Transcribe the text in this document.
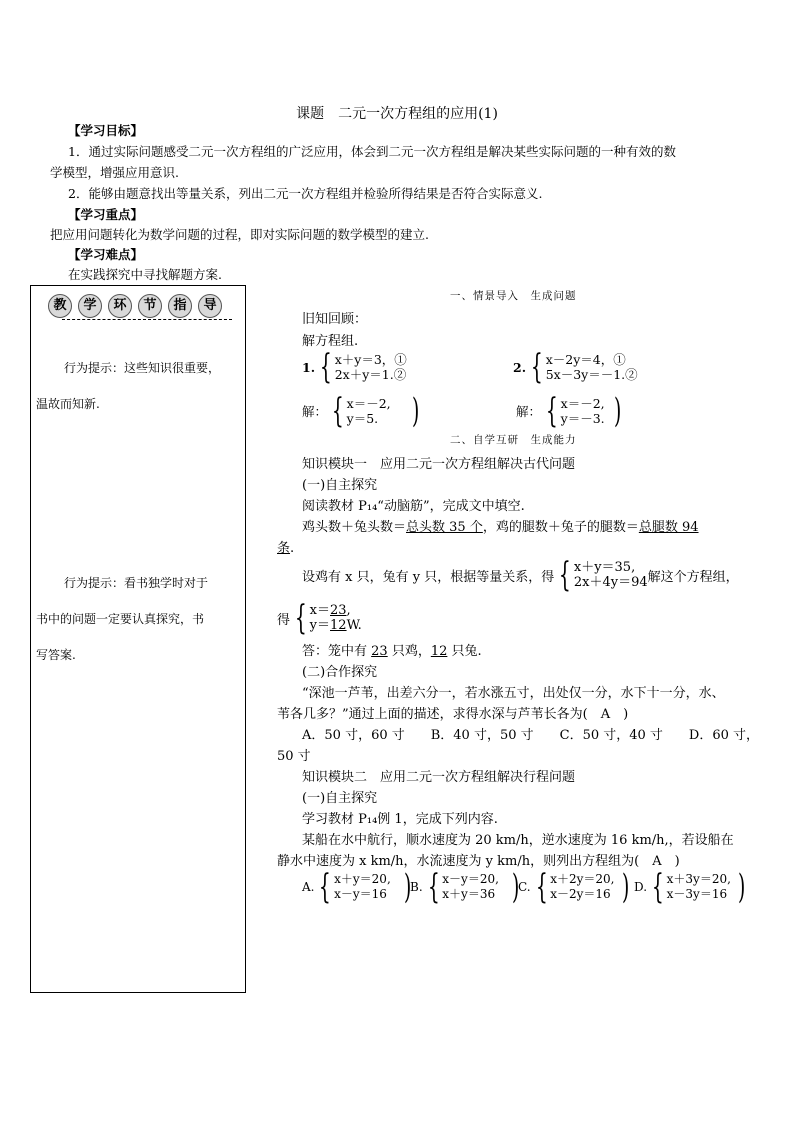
课题　二元一次方程组的应用(1)
【学习目标】
1．通过实际问题感受二元一次方程组的广泛应用，体会到二元一次方程组是解决某些实际问题的一种有效的数
学模型，增强应用意识.
2．能够由题意找出等量关系，列出二元一次方程组并检验所得结果是否符合实际意义.
【学习重点】
把应用问题转化为数学问题的过程，即对实际问题的数学模型的建立.
【学习难点】
在实践探究中寻找解题方案.
教	学	环	节	指	导
行为提示：这些知识很重要，
温故而知新.
行为提示：看书独学时对于
书中的问题一定要认真探究，书
写答案.
一、情景导入　生成问题
旧知回顾：
解方程组.
1. { x＋y＝3，①
2x＋y＝1.②	2. { x－2y＝4，①
5x－3y＝－1.②
解： { x＝－2,
y＝5. )	解： { x＝－2,
y＝－3. )
二、自学互研　生成能力
知识模块一　应用二元一次方程组解决古代问题
(一)自主探究
阅读教材 P₁₄“动脑筋”，完成文中填空.
鸡头数＋兔头数＝总头数 35 个，鸡的腿数＋兔子的腿数＝总腿数 94
条.
设鸡有 x 只，兔有 y 只，根据等量关系，得 { x＋y＝35,
2x＋4y＝94 解这个方程组，
得 { x＝23,
y＝12W.
答：笼中有 23 只鸡，12 只兔.
(二)合作探究
“深池一芦苇，出差六分一，若水涨五寸，出处仅一分，水下十一分，水、
苇各几多？”通过上面的描述，求得水深与芦苇长各为(　A　)
A．50 寸，60 寸　　B．40 寸，50 寸　　C．50 寸，40 寸　　D．60 寸，
50 寸
知识模块二　应用二元一次方程组解决行程问题
(一)自主探究
学习教材 P₁₄例 1，完成下列内容.
某船在水中航行，顺水速度为 20 km/h，逆水速度为 16 km/h,，若设船在
静水中速度为 x km/h，水流速度为 y km/h，则列出方程组为(　A　)
A. { x＋y＝20,
x－y＝16 )
B. { x－y＝20,
x＋y＝36 )
C. { x＋2y＝20,
x－2y＝16 ) D. { x＋3y＝20,
x－3y＝16 )
